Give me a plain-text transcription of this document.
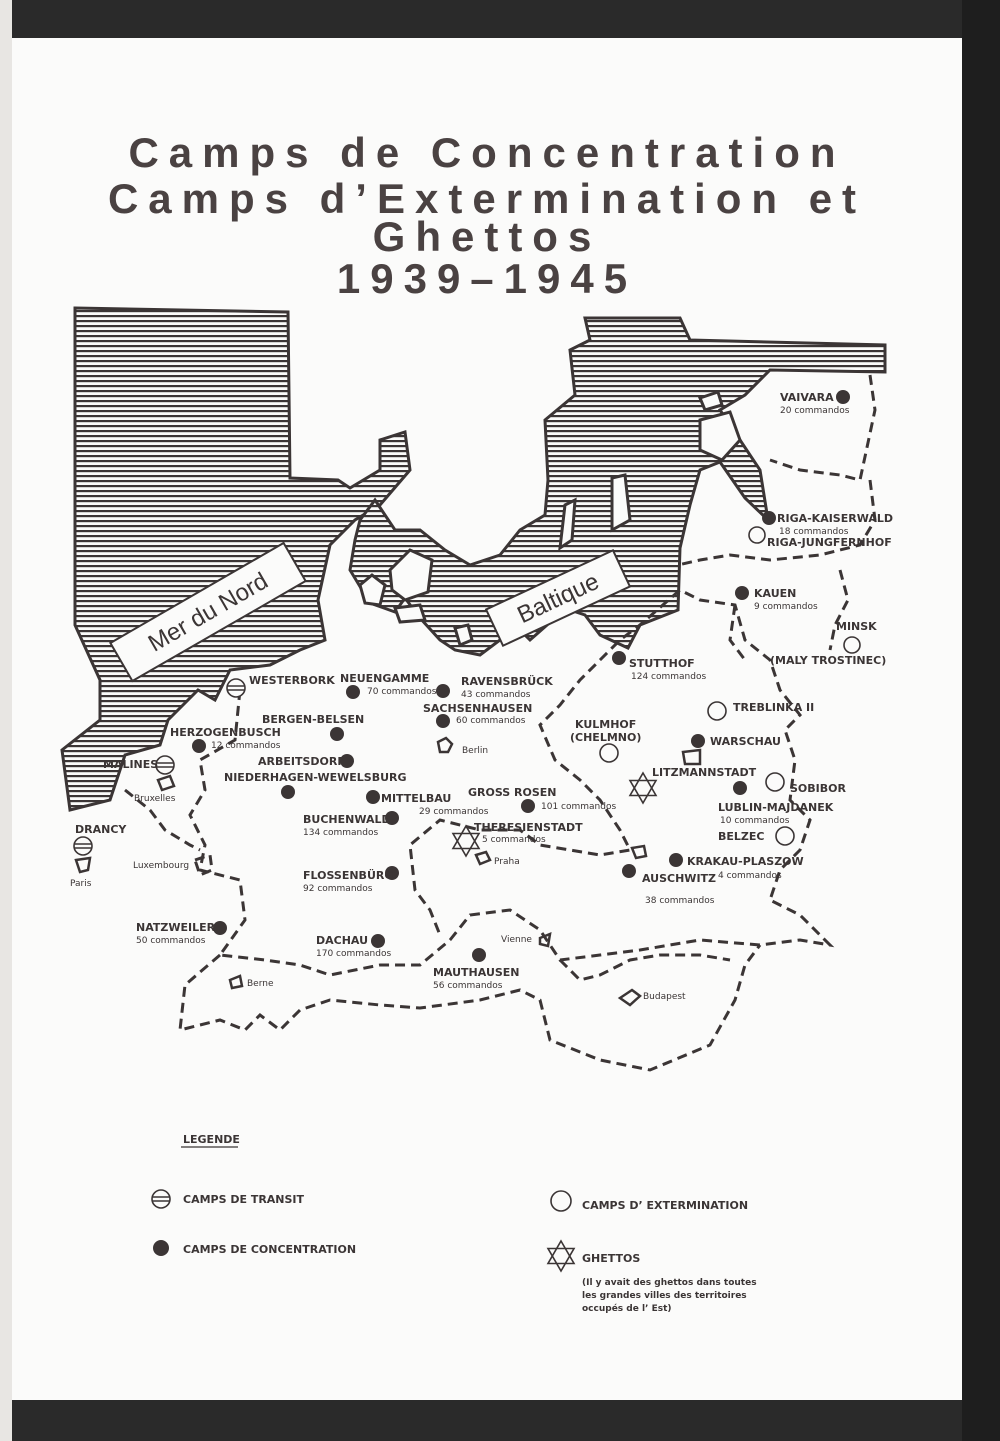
Camps de Concentration
Camps d’Extermination et
Ghettos
1939–1945
Mer du Nord	Baltique
VAIVARA
20 commandos
RIGA-KAISERWALD
18 commandos
RIGA-JUNGFERNHOF
KAUEN
9 commandos
MINSK
(MALY TROSTINEC)
STUTTHOF
124 commandos
TREBLINKA II
WARSCHAU
LITZMANNSTADT
SOBIBOR
LUBLIN-MAJDANEK
10 commandos
BELZEC
KRAKAU-PLASZOW
4 commandos
AUSCHWITZ
38 commandos
KULMHOF
(CHELMNO)
WESTERBORK NEUENGAMME
70 commandos
RAVENSBRÜCK
43 commandos
SACHSENHAUSEN
60 commandos
BERGEN-BELSEN
HERZOGENBUSCH
12 commandos
ARBEITSDORF
NIEDERHAGEN-WEWELSBURG
MALINES
MITTELBAU
29 commandos
GROSS ROSEN
101 commandos
THERESIENSTADT
5 commandos
BUCHENWALD
134 commandos
FLOSSENBÜRG
92 commandos
DRANCY
NATZWEILER
50 commandos	DACHAU
170 commandos
MAUTHAUSEN
56 commandos
Berlin
Bruxelles
Luxembourg
Paris
Praha
Vienne
Berne
Budapest
LEGENDE
CAMPS DE TRANSIT
CAMPS DE CONCENTRATION
CAMPS D’ EXTERMINATION
GHETTOS
(Il y avait des ghettos dans toutes
les grandes villes des territoires
occupés de l’ Est)
